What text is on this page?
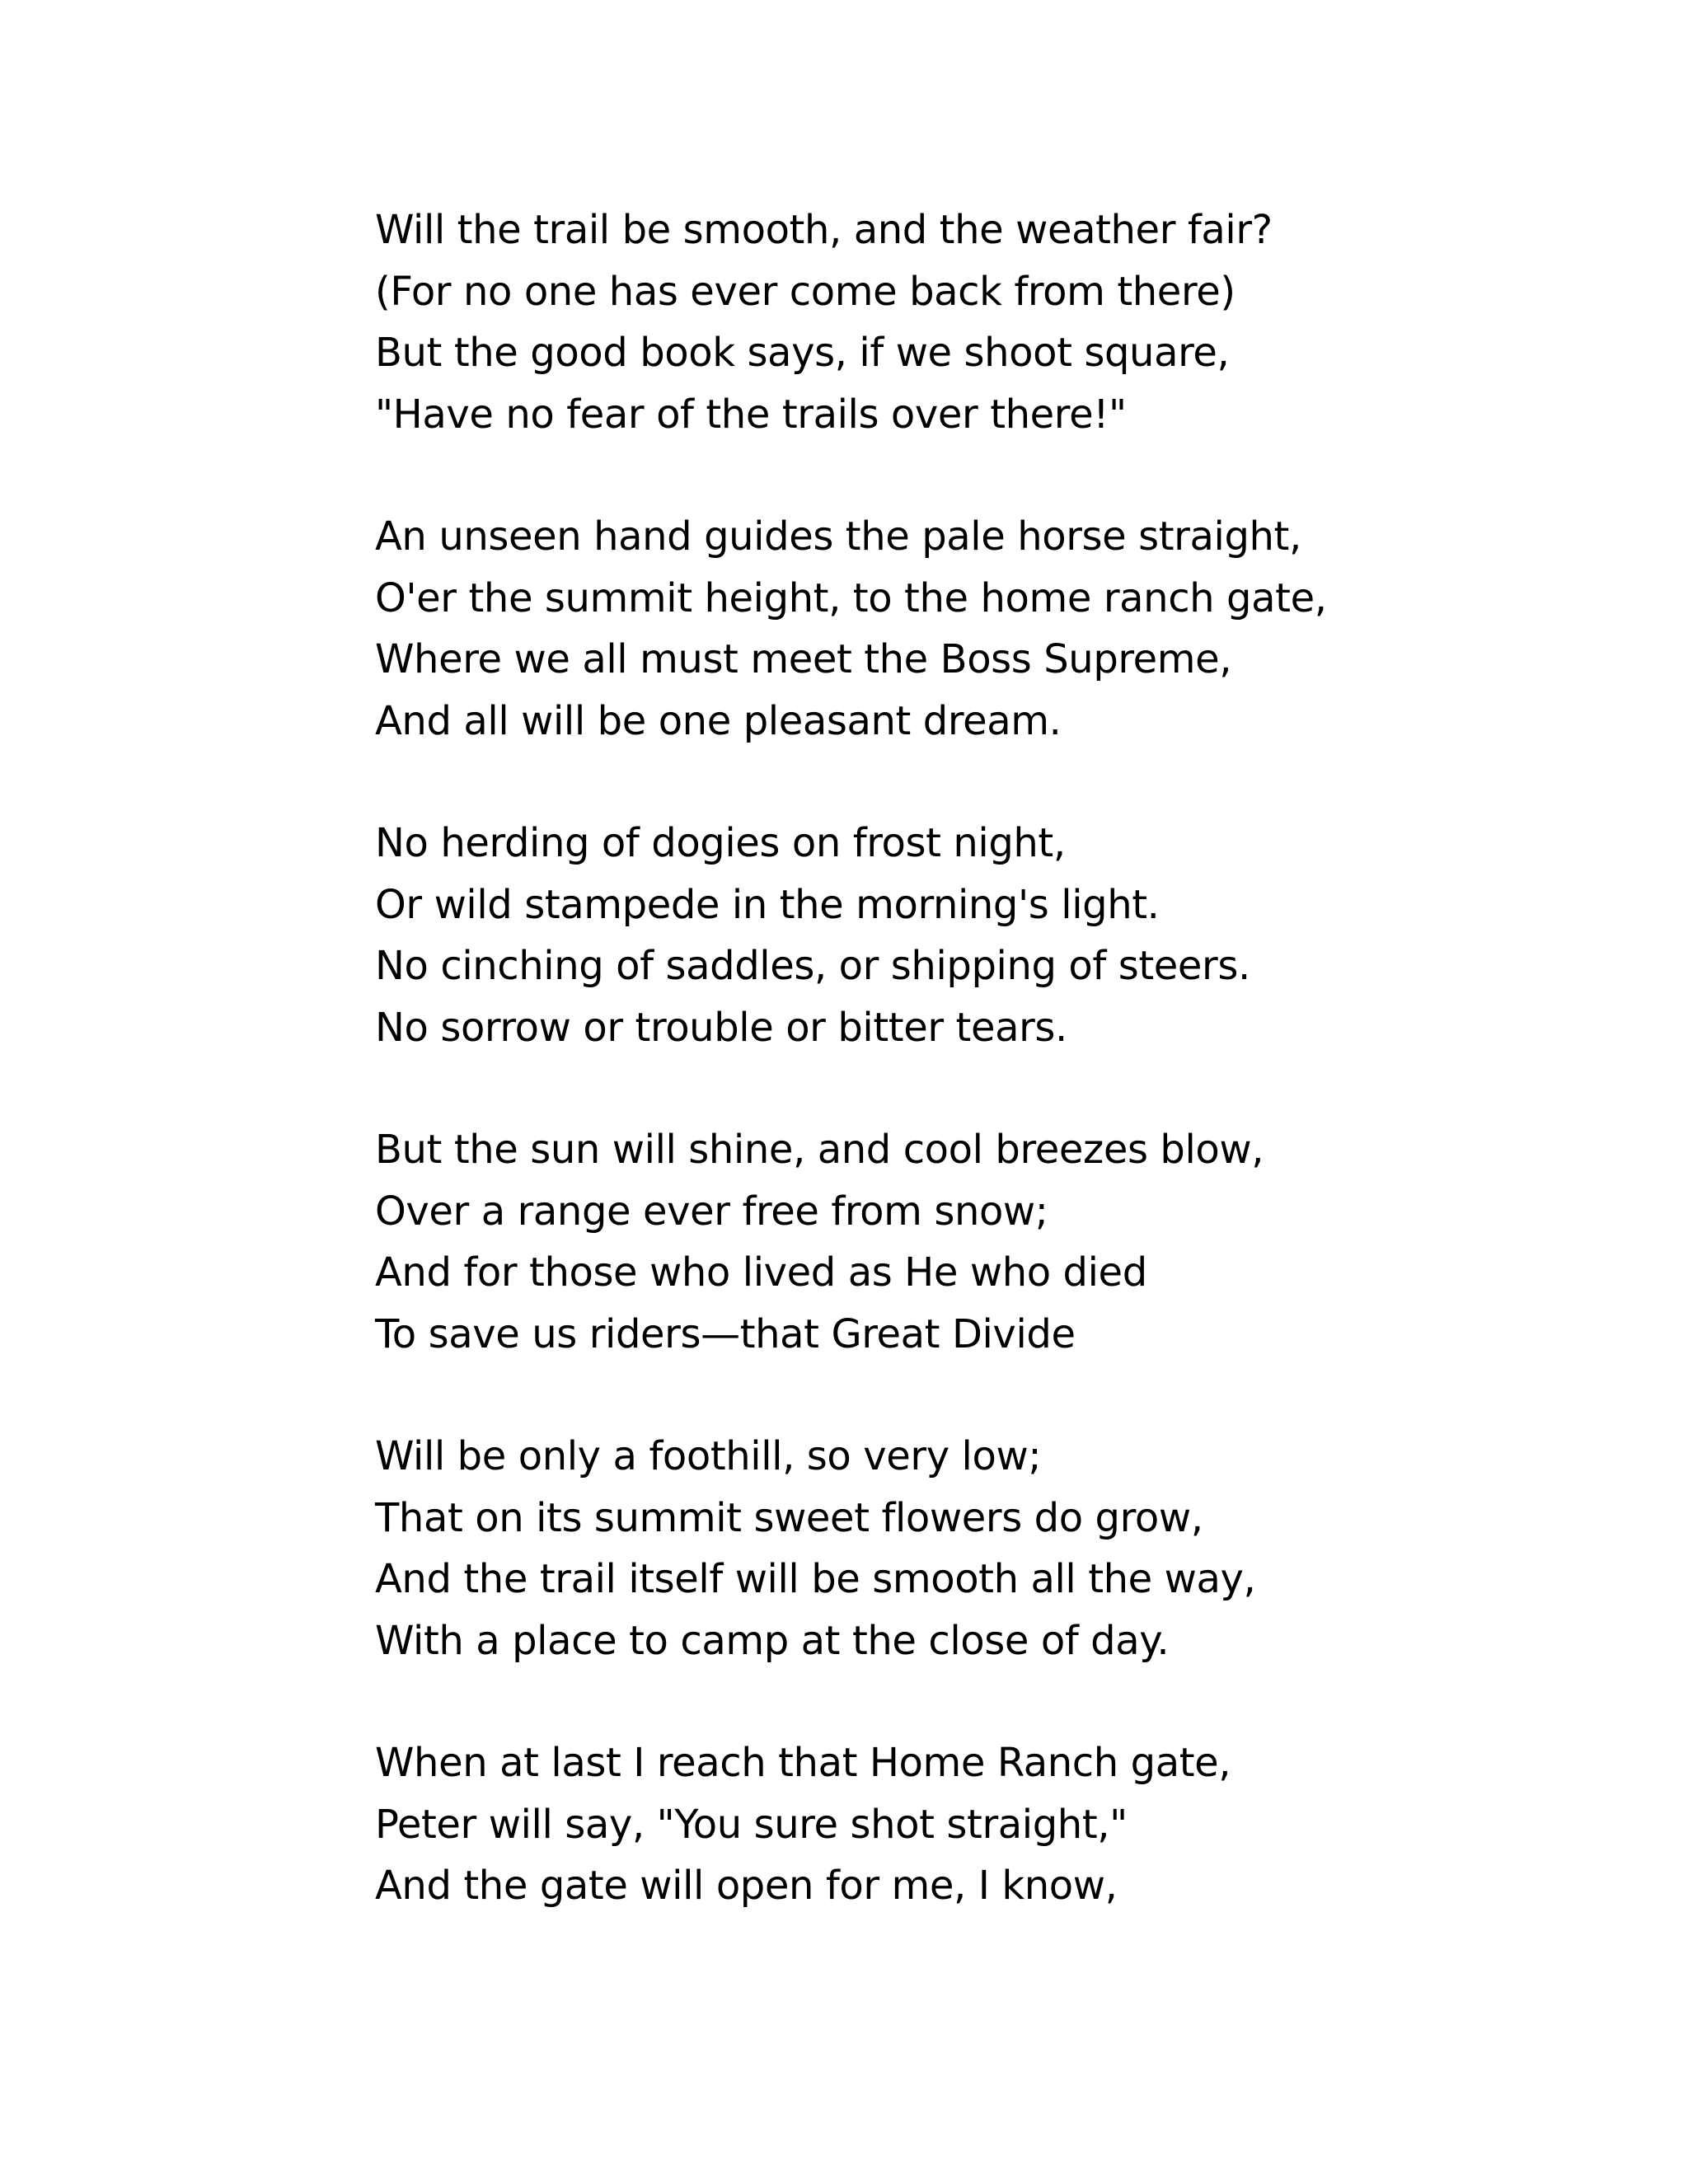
Will the trail be smooth, and the weather fair?
(For no one has ever come back from there)
But the good book says, if we shoot square,
"Have no fear of the trails over there!"
An unseen hand guides the pale horse straight,
O'er the summit height, to the home ranch gate,
Where we all must meet the Boss Supreme,
And all will be one pleasant dream.
No herding of dogies on frost night,
Or wild stampede in the morning's light.
No cinching of saddles, or shipping of steers.
No sorrow or trouble or bitter tears.
But the sun will shine, and cool breezes blow,
Over a range ever free from snow;
And for those who lived as He who died
To save us riders—that Great Divide
Will be only a foothill, so very low;
That on its summit sweet flowers do grow,
And the trail itself will be smooth all the way,
With a place to camp at the close of day.
When at last I reach that Home Ranch gate,
Peter will say, "You sure shot straight,"
And the gate will open for me, I know,
